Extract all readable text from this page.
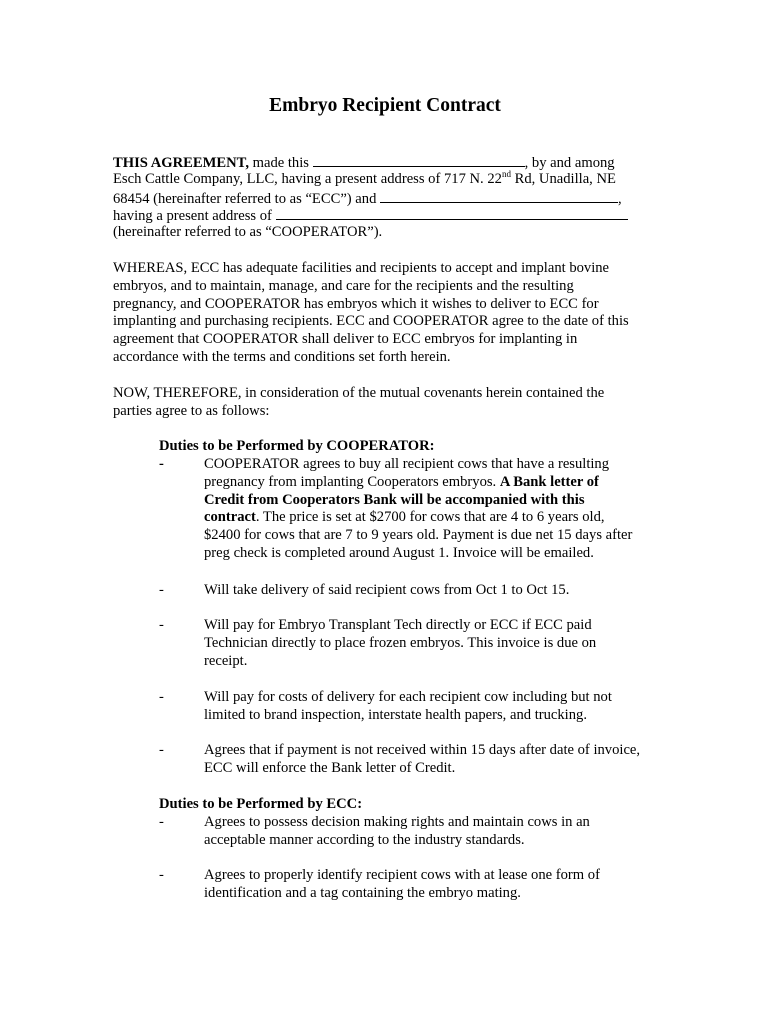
Embryo Recipient Contract
THIS AGREEMENT, made this	, by and among
Esch Cattle Company, LLC, having a present address of 717 N. 22nd Rd, Unadilla, NE
68454 (hereinafter referred to as “ECC”) and	,
having a present address of
(hereinafter referred to as “COOPERATOR”).
WHEREAS, ECC has adequate facilities and recipients to accept and implant bovine
embryos, and to maintain, manage, and care for the recipients and the resulting
pregnancy, and COOPERATOR has embryos which it wishes to deliver to ECC for
implanting and purchasing recipients. ECC and COOPERATOR agree to the date of this
agreement that COOPERATOR shall deliver to ECC embryos for implanting in
accordance with the terms and conditions set forth herein.
NOW, THEREFORE, in consideration of the mutual covenants herein contained the
parties agree to as follows:
Duties to be Performed by COOPERATOR:
-	COOPERATOR agrees to buy all recipient cows that have a resulting
pregnancy from implanting Cooperators embryos. A Bank letter of
Credit from Cooperators Bank will be accompanied with this
contract. The price is set at $2700 for cows that are 4 to 6 years old,
$2400 for cows that are 7 to 9 years old. Payment is due net 15 days after
preg check is completed around August 1. Invoice will be emailed.
-	Will take delivery of said recipient cows from Oct 1 to Oct 15.
-	Will pay for Embryo Transplant Tech directly or ECC if ECC paid
Technician directly to place frozen embryos. This invoice is due on
receipt.
-	Will pay for costs of delivery for each recipient cow including but not
limited to brand inspection, interstate health papers, and trucking.
-	Agrees that if payment is not received within 15 days after date of invoice,
ECC will enforce the Bank letter of Credit.
Duties to be Performed by ECC:
-	Agrees to possess decision making rights and maintain cows in an
acceptable manner according to the industry standards.
-	Agrees to properly identify recipient cows with at lease one form of
identification and a tag containing the embryo mating.
